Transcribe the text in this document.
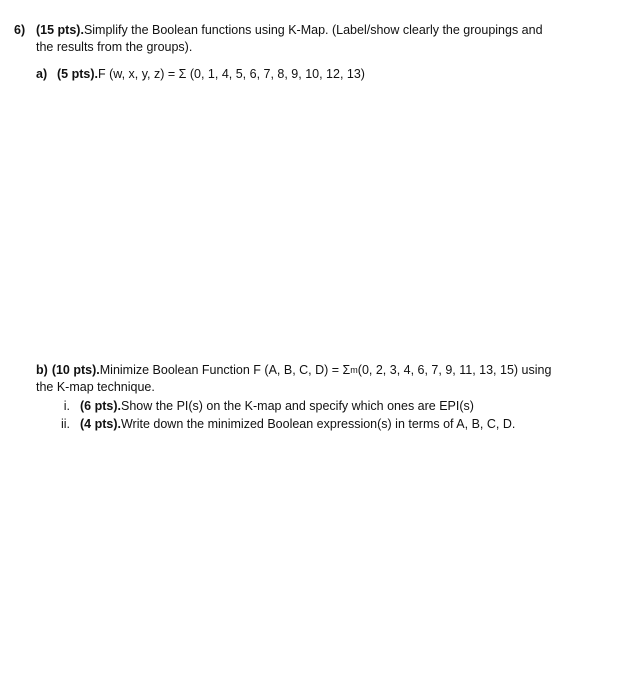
6) (15 pts). Simplify the Boolean functions using K-Map. (Label/show clearly the groupings and
the results from the groups).
a) (5 pts). F (w, x, y, z) = Σ (0, 1, 4, 5, 6, 7, 8, 9, 10, 12, 13)
b) (10 pts). Minimize Boolean Function F (A, B, C, D) = Σ m (0, 2, 3, 4, 6, 7, 9, 11, 13, 15) using
the K-map technique.
i. (6 pts). Show the PI(s) on the K-map and specify which ones are EPI(s)
ii. (4 pts). Write down the minimized Boolean expression(s) in terms of A, B, C, D.
